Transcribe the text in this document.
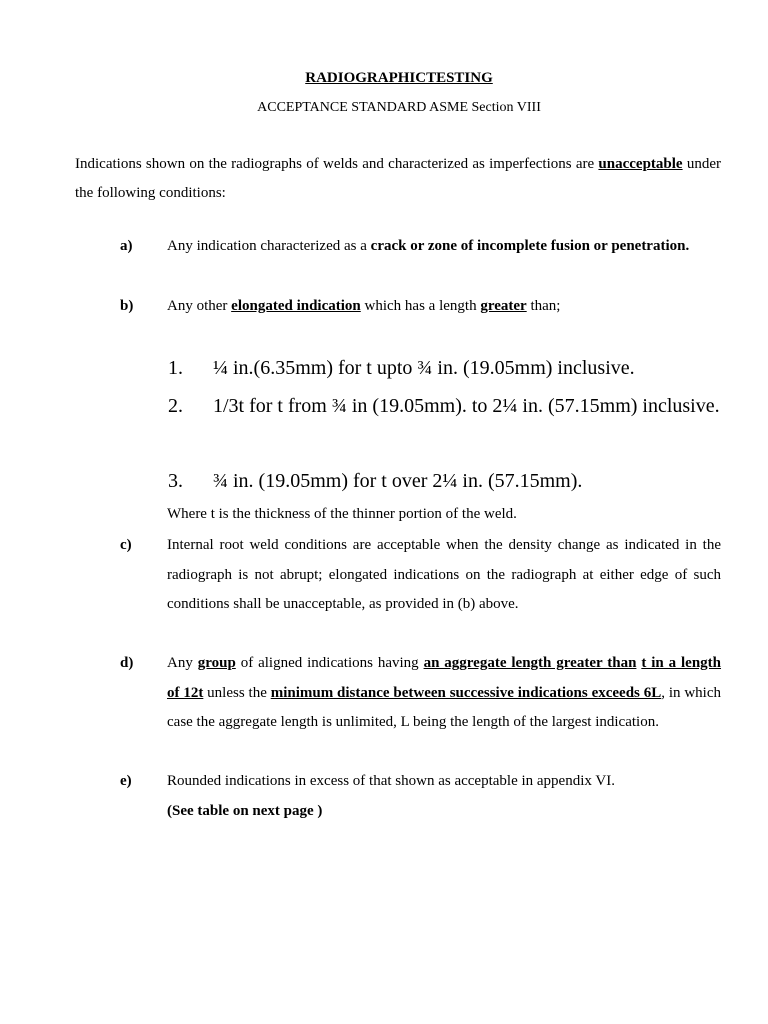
RADIOGRAPHICTESTING
ACCEPTANCE STANDARD ASME Section VIII
Indications shown on the radiographs of welds and characterized as imperfections are unacceptable under the following conditions:
a) Any indication characterized as a crack or zone of incomplete fusion or penetration.
b) Any other elongated indication which has a length greater than;
1. ¼ in.(6.35mm) for t upto ¾ in. (19.05mm) inclusive.
2. 1/3t for t from ¾ in (19.05mm). to 2¼ in. (57.15mm) inclusive.
3. ¾ in. (19.05mm) for t over 2¼ in. (57.15mm).
Where t is the thickness of the thinner portion of the weld.
c) Internal root weld conditions are acceptable when the density change as indicated in the radiograph is not abrupt; elongated indications on the radiograph at either edge of such conditions shall be unacceptable, as provided in (b) above.
d) Any group of aligned indications having an aggregate length greater than t in a length of 12t unless the minimum distance between successive indications exceeds 6L, in which case the aggregate length is unlimited, L being the length of the largest indication.
e) Rounded indications in excess of that shown as acceptable in appendix VI.
(See table on next page )
